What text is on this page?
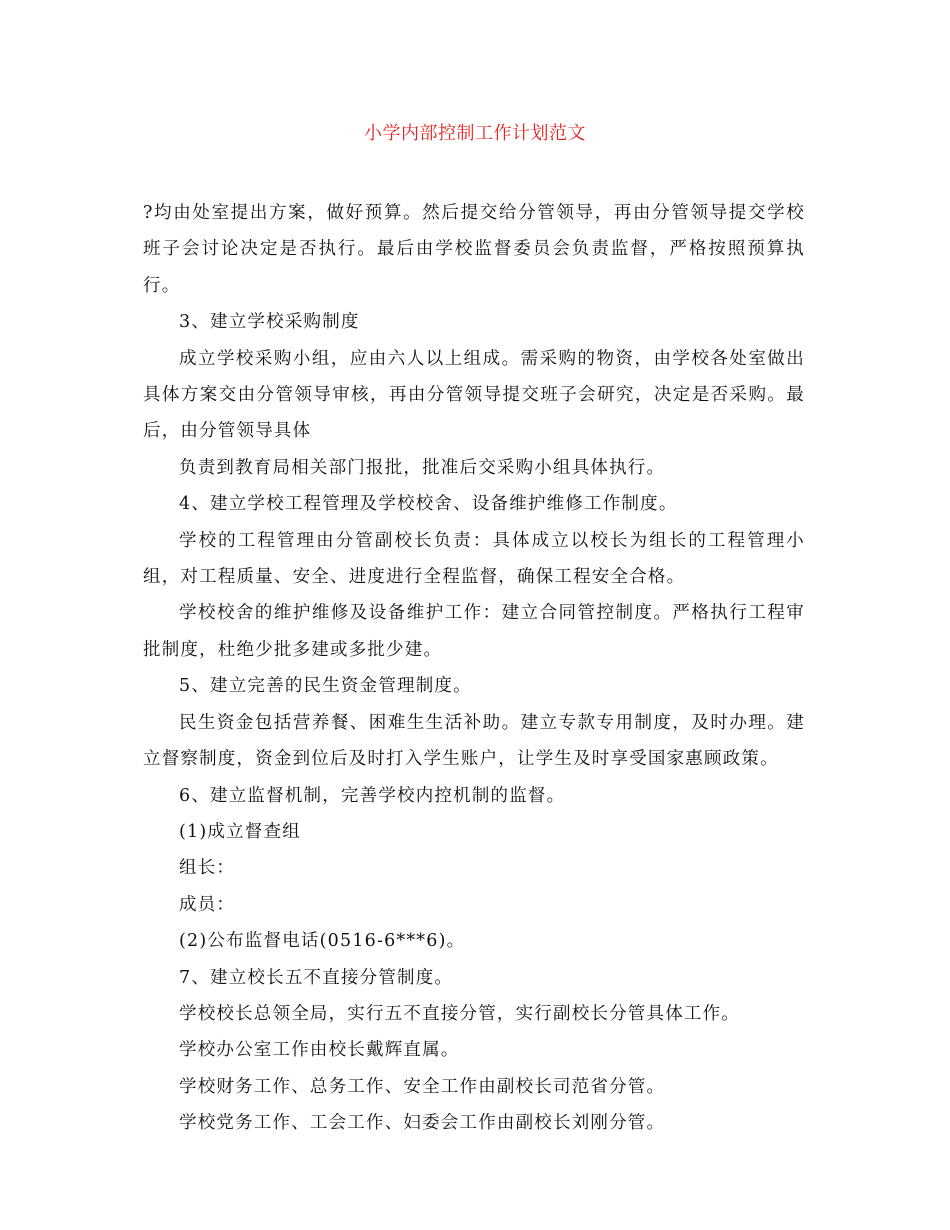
小学内部控制工作计划范文

?均由处室提出方案，做好预算。然后提交给分管领导，再由分管领导提交学校班子会讨论决定是否执行。最后由学校监督委员会负责监督，严格按照预算执行。

3、建立学校采购制度

成立学校采购小组，应由六人以上组成。需采购的物资，由学校各处室做出具体方案交由分管领导审核，再由分管领导提交班子会研究，决定是否采购。最后，由分管领导具体

负责到教育局相关部门报批，批准后交采购小组具体执行。

4、建立学校工程管理及学校校舍、设备维护维修工作制度。

学校的工程管理由分管副校长负责：具体成立以校长为组长的工程管理小组，对工程质量、安全、进度进行全程监督，确保工程安全合格。

学校校舍的维护维修及设备维护工作：建立合同管控制度。严格执行工程审批制度，杜绝少批多建或多批少建。

5、建立完善的民生资金管理制度。

民生资金包括营养餐、困难生生活补助。建立专款专用制度，及时办理。建立督察制度，资金到位后及时打入学生账户，让学生及时享受国家惠顾政策。

6、建立监督机制，完善学校内控机制的监督。

(1)成立督查组

组长：

成员：

(2)公布监督电话(0516-6***6)。

7、建立校长五不直接分管制度。

学校校长总领全局，实行五不直接分管，实行副校长分管具体工作。

学校办公室工作由校长戴辉直属。

学校财务工作、总务工作、安全工作由副校长司范省分管。

学校党务工作、工会工作、妇委会工作由副校长刘刚分管。
